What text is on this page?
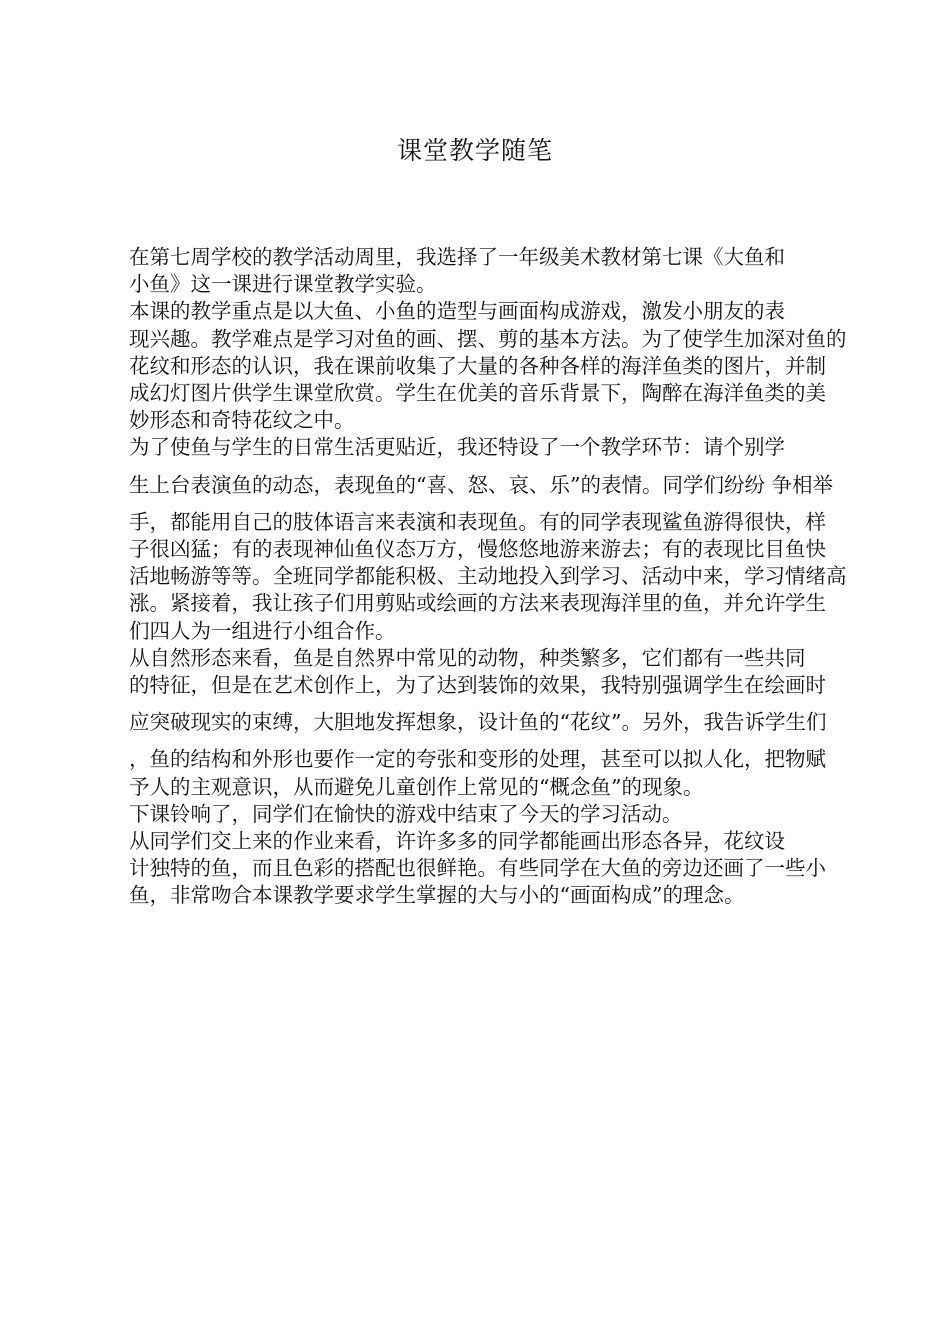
课堂教学随笔

在第七周学校的教学活动周里，我选择了一年级美术教材第七课《大鱼和
小鱼》这一课进行课堂教学实验。

本课的教学重点是以大鱼、小鱼的造型与画面构成游戏，激发小朋友的表
现兴趣。教学难点是学习对鱼的画、摆、剪的基本方法。为了使学生加深对鱼的
花纹和形态的认识，我在课前收集了大量的各种各样的海洋鱼类的图片，并制
成幻灯图片供学生课堂欣赏。学生在优美的音乐背景下，陶醉在海洋鱼类的美
妙形态和奇特花纹之中。

为了使鱼与学生的日常生活更贴近，我还特设了一个教学环节：请个别学
生上台表演鱼的动态，表现鱼的“喜、怒、哀、乐”的表情。同学们纷纷 争相举
手，都能用自己的肢体语言来表演和表现鱼。有的同学表现鲨鱼游得很快，样
子很凶猛；有的表现神仙鱼仪态万方，慢悠悠地游来游去；有的表现比目鱼快
活地畅游等等。全班同学都能积极、主动地投入到学习、活动中来，学习情绪高
涨。紧接着，我让孩子们用剪贴或绘画的方法来表现海洋里的鱼，并允许学生
们四人为一组进行小组合作。

从自然形态来看，鱼是自然界中常见的动物，种类繁多，它们都有一些共同
的特征，但是在艺术创作上，为了达到装饰的效果，我特别强调学生在绘画时
应突破现实的束缚，大胆地发挥想象，设计鱼的“花纹”。另外，我告诉学生们
，鱼的结构和外形也要作一定的夸张和变形的处理，甚至可以拟人化，把物赋
予人的主观意识，从而避免儿童创作上常见的“概念鱼”的现象。

下课铃响了，同学们在愉快的游戏中结束了今天的学习活动。

从同学们交上来的作业来看，许许多多的同学都能画出形态各异，花纹设
计独特的鱼，而且色彩的搭配也很鲜艳。有些同学在大鱼的旁边还画了一些小
鱼，非常吻合本课教学要求学生掌握的大与小的“画面构成”的理念。
